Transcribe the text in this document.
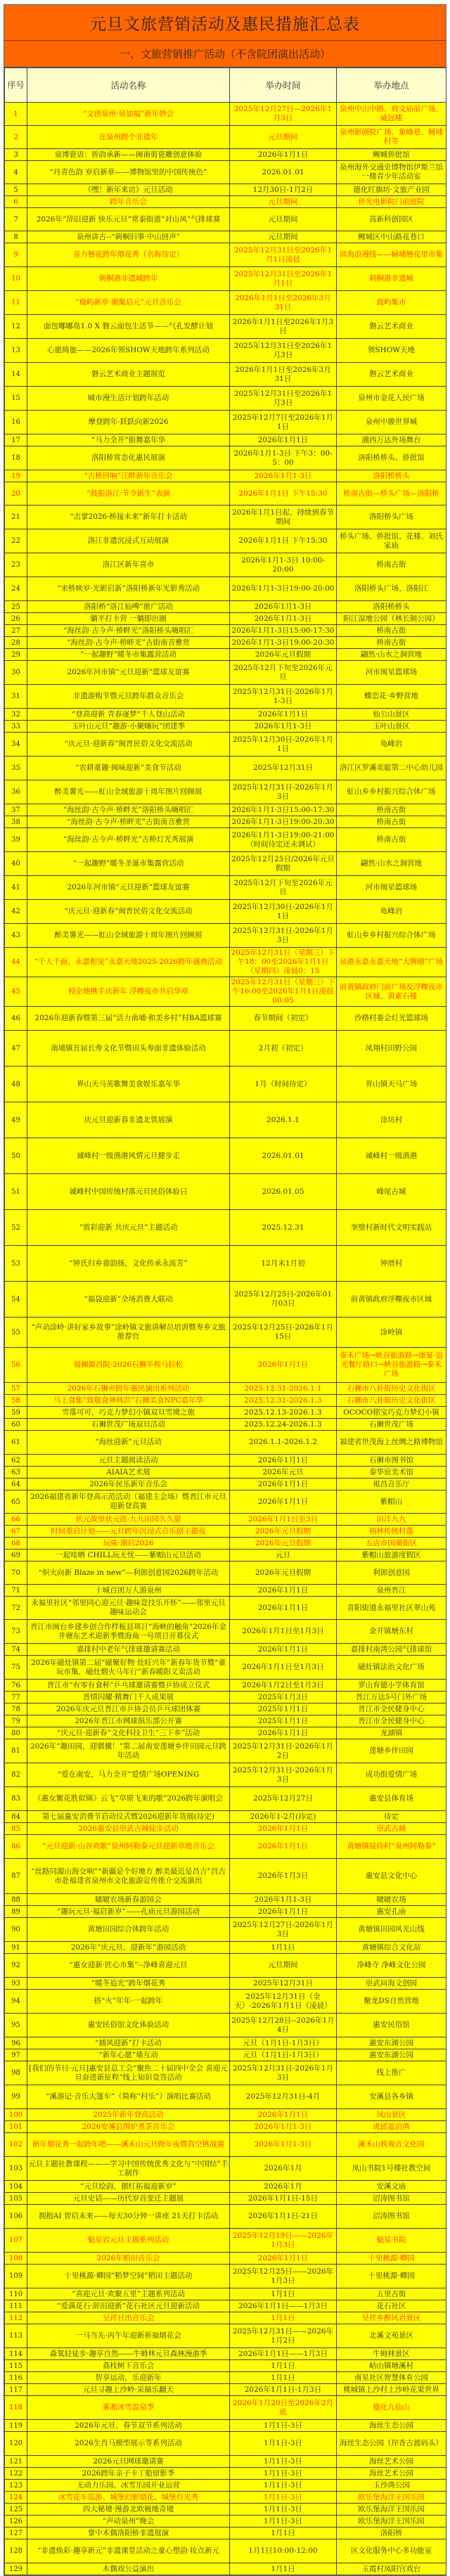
元旦文旅营销活动及惠民措施汇总表
一、文旅营销推广活动（不含院团演出活动）
序号	活动名称	举办时间	举办地点
1	“文创泉州·泉加福”新年妙会	2025年12月27日—2026年1月3日	泉州中山中路、府文庙前广场、威远楼
2	在泉州跨个非遗年	元旦期间	泉州影剧院广场、象峰巷、蟳埔村等
3	泉博瓷语：侨韵承新——闽南剪瓷雕创意体验	2026年1月1日	鲤城侨批馆
4	“丹青色韵 岁启新章——博物馆里的中国传统色”	2026.01.01	泉州海外交通史博物馆伊斯兰馆一楼青少年活动室
5	《嘿！新年来访》元旦活动	12月30日-1月2日	德化红旗坊·文旅产业园
6	跨年音乐会	元旦期间	侨光电影院门前庭院
7	2026年“辞旧迎新 快乐元旦”常泰街道“对山风”气排球赛	元旦期间	高新科创园区
8	泉州讲古--“刺桐旧事·中山回声”	元旦期间	鲤城区中山路花巷口
9	喜力簪花跨年烟花秀（名称待定）	2025年12月31日至2026年1月1日凌晨	滨海浪漫线——蟳埔簪花里市集
10	刺桐港非遗城跨年	2025年12月31日至2026年1月1日	刺桐港非遗城
11	“鹿屿新岁·潮集启元”元旦音乐会	2026年1月1日至2026年3月31日	鹿屿集市
12	面包嘟嘟岛1.0 X 磐云面包生活节——气孔发酵计划	2026年1月1日至2026年1月3日	磐云艺术商业
13	心愿绮旅——2026年领SHOW天地跨年系列活动	2025年12月31日至2026年1月3日	领SHOW天地
14	磐云艺术商业主题展览	2026年1月1日至2026年3月31日	磐云艺术商业
15	城市漫生活计划跨年活动	2025年12月31日至2026年1月3日	泉州市金花人民广场
16	摩登跨年·跃跃向新2026	2025年12月7日至2026年1月1日	泉州中骏世界城
17	“马力全开”街舞嘉年华	2026年1月1日	浦西万达外场舞台
18	洛阳桥常态化惠民展演	2026年1月1-3日 下午3：00-5：00	洛阳桥桥头、侨批馆
19	“古桥回响”江畔新年音乐会	2026年1月1-3日	洛阳桥桥头
20	“鼓振洛江·节令新生”表演	2026年1月1日 下午15:30	桥南古街—桥头广场—洛阳桥
21	“击掌2026·桥接未来”新年打卡活动	2026年1月1日起，持续到春节期间	洛阳桥头广场
22	洛江非遗沉浸式互动展演	2026年1月1日 下午15:30	桥头广场、侨批馆、花楼、刘氏家庙
23	洛江区新年喜市	2026年1月1-3日 10:00-20:00	桥南古街
24	“宋桥映岁·光影启新”洛阳桥新年光影秀活动	2026年1月1-3日19:00-20:00	洛阳桥头广场、洛阳江
25	洛阳桥“洛江仙啤”推广活动	2026年1月1-3日	洛阳桥桥头
26	躺平打卡营 一躺即出圈	2026年1月1-3日	阳江湿地公园（林长制公园）
27	“海丝韵·古今声·桥畔光”洛阳桥头嗨唱汇	2026年1月1-3日15:00-17:30	桥南古街
28	“海丝韵·古今声·桥畔光”古街南音雅赏	2026年1月1-3日19:00-20:30	桥南古街
29	“一起趣野”暖冬市集露营活动	2026年元旦假期	翩然·山水之涧营地
30	2026年河市镇“元旦迎新”篮球友谊赛	2025年12月下旬至2026年元旦	河市闽星篮球场
31	非遗游购节暨元旦跨年群众音乐会	2025年12月31日-2026年1月1-3日	蝶恋花·乡野营地
32	“登高迎新 青春逐梦”千人登山活动	2026年1月1日	仙公山景区
33	玉叶山元旦“趣游·小聚嗨玩”团建季	2026年1月1-3日	玉叶山景区
34	“庆元旦·迎新春”闽晋民俗文化交流活动	2025年12月30日-2026年1月1日	龟峰岩
35	“农耕童趣·闽味迎新”美食节活动	2025年12月31日	洛江区罗溪奕聪第二中心幼儿园
36	醉美薯光——虹山全域旅游十周年图片回顾展	2025年12月31日-2026年1月3日	虹山乡乡村振兴综合体广场
37	“海丝韵·古今声·桥畔光”洛阳桥头嗨唱汇	2026年1月1-3日15:00-17:30	桥南古街
38	“海丝韵·古今声·桥畔光”古街南音雅赏	2026年1月1-3日19:00-20:30	桥南古街
39	“海丝韵·古今声·桥畔光”古桥灯光秀展演	2026年1月1-3日19:00-21:00（时间待定还未调试）	桥南古街
40	“一起趣野”暖冬圣诞市集露营活动	2025年12月25日/2026年元旦假期	翩然·山水之涧营地
41	2026年河市镇“元旦迎新”篮球友谊赛	2025年12月下旬至2026年元旦	河市闽星篮球场
42	“庆元旦·迎新春”闽晋民俗文化交流活动	2025年12月30日-2026年1月1日	龟峰岩
43	醉美薯光——虹山全域旅游十周年图片回顾展	2025年12月31日-2026年1月3日	虹山乡乡村振兴综合体广场
44	“千人千面，永嘉相见”永嘉天地2025-2026跨年盛典活动	2025年12月31日（星期三）下午18：00至2026年1月1日（星期四）凌晨0：15	泉港永嘉永嘉天地“大牌圈”广场
45	校企地携手庆新年 浮粿夜市共启华章	2025年12月31日（星期三）下午16:00至2026年1月1日凌晨00:05	前黄镇政府门前广场及浮粿夜市区域、黄素石楼
46	2026年迎新春暨第三届“活力南埔·和美乡村”村BA篮球赛	春节期间（初定）	沙格村委会灯光篮球场
47	南埔镇首届长寿文化节暨田头寿面非遗体验活动	2月初（初定）	凤翔村田野公园
48	界山天马英歌舞美食娱乐嘉年华	1月（时间待定）	界山镇天马广场
49	庆元旦迎新春非遗北管展演	2026.1.1	涂坑村
50	诚峰村一级渔港风情元旦健步走	2026.01.01	诚峰村一级渔港
51	诚峰村中国传统村落元旦民俗体验日	2026.01.05	峰尾古城
52	“剪彩迎新 共庆元旦”主题活动	2025.12.31	奎璧村新时代文明实践站
53	“钟氏归乡畲韵扬，文化传承永流芳”	12月末1月初	钟厝村
54	“福袋迎新”全场消费大联动	2025年12月25日-2026年01月03日	前黄镇政府浮粿夜市区域
55	“声动涂岭·讲好家乡故事”涂岭镇文旅讲解员培训暨寿乡文旅推荐官	2025年12月25日-2026年1月15日	涂岭镇
56	福狮源昌院·2026石狮半程马拉松	2026年1月1日	泰禾广场→峡谷旅游路→康宴·追光餐厅路口→峡谷旅游路→泰禾广场
57	2026年石狮市跨年惠民演出系列活动	2025.12.31-2026.1.1	石狮市八卦街历史文化街区
58	马上食集“致敬食神林洪”石狮美食NPC嘉年华	2025.12.31-2026.1.3	石狮市八卦街历史文化街区
59	雪落可可，巧克力梦幻小镇双旦雪境之旅	2025.12.13-2026.1.3	OCOCO铭宝巧克力梦幻小镇
60	石狮世茂广场双旦活动	2025.12.24-2026.1.3	石狮世茂广场
61	“海丝迎新”元旦活动	2026.1.1-2026.1.2	福建省世茂海上丝绸之路博物馆
62	元旦主题阅读活动	2026年1月1日	石狮市图书馆
63	AIAIA艺术展	2026年元旦	泰华宸美术馆
64	2026年民乐新年音乐会	2026年1月1日	祖昌音乐厅
65	2026福建省新年登高示范活动（福建主会场）暨晋江市元旦迎新登高赛	2026年1月1日	紫帽山
66	状元故里状元郎·九九田园久久甜	2026年1月1日至3日	田洋九九
67	时间重启计划——元旦跨年沉浸式音乐剧主题夜	2026年元旦假期	梧林传统村落
68	玩味·潮启2026	2026年元旦假期	五店市国潮街区
69	一起哇晒 CHILL玩无忧——紫帽山元旦活动	元旦	紫帽山旅游度假区
70	“炽火向新 Blaze in new”—利郎创意园2026跨年活动	2026年元旦假期	利郎创意园
71	十城百团万人游泉州	2026年1月1日	泉州晋江
72	永福里社区“邻里同心迎元旦·趣味竞技乐开怀”——邻里元旦趣味运动会	2026年1月1日	青阳街道永福里社区翠山苑
73	晋江市闽台乡建乡创合作样板县项目“海峡的触角”2026年金井塘东艺术迎新季暨海角一号项目开幕仪式	2026年1月1日至1月3日	金井镇塘东村
74	嘉排村中老年气排球邀请赛活动	2026年1月1日	嘉排村南湾公园气排球馆
75	2026年磁灶镇第二届“磁聚好物 灶旺兴年”新春年货节暨“童玩市集，磁灶烟火马年行”新春暖阳义卖活动	2026年1月1日至1月3日	磁灶镇法治文化广场
76	晋江市“有零有食杯”乒乓球邀请赛暨乒协成立仪式	2026年1月2日至1月3日	罗山育德小学体育馆
77	晋情闪耀·精舞门千人成果展	2025年1月3日	晋江万达5号门外广场
78	2026年庆元旦晋江市乒协会员乒乓球团体赛	2025年1月1日	晋江市全民健身中心
79	2026年晋江市网球俱乐部公开赛	2025年1月1日	晋江市全民健身中心
80	“庆元旦·迎新春”文化科技卫生“三下乡”活动	2026年1月1日	龙湖镇
81	2026年“趣田园，迎骐骥！”第二届南安莲塘乡伴田园元旦跨年活动	2025年12月31日-2026年1月2日	莲塘乡伴田园
82	“爱在南安，马力全开”爱情广场OPENING	2025年12月31日-2026年1月3日	成功街爱情广场
83	《惠女繁花胜似锦》云飞“草原飞来的歌”2026跨年演唱会	2025年12月27日	惠安县体育场
84	第七届惠安消费节启动仪式暨2026迎新年货展(待定)	2026年1-2月(待定)	待定
85	2026惠安县崇武古城徒步活动	2026年1月1日	崇武古城
86	“元旦迎新·山谷欢歌”泉州阿勒泰元旦迎新草地音乐会	2026年1月1日	黄塘镇接待村“泉州阿勒泰”
87	“丝路同源山海交响”“新疆是个好地方 醉美最近是昌吉”昌吉市赴福建省泉州市文化旅游宣传推介交流演出	2026年1月3日	惠安县文化中心
88	啵啵农场新春游园会	2026年1月1-3日	啵啵农场
89	“趣玩元旦·福启新岁”——孔庙元旦游园活动	2026年1月1日	惠安孔庙
90	黄塘田园综合体跨年活动	2025年12月27日-2026年1月3日	黄塘镇田园风光山线
91	2026年“庆元旦、迎新年”游园活动	1月1日	黄塘镇综合文化站
92	“惠女迎新·匠心市集”--净峰喜迎元旦	元旦期间	净峰寺 净峰文化公园
93	“暖冬追光”跨年烟花秀	2025年12月31日	崇武问海文创园
94	搭“火”年年·一起跨年	2025年12月31日（全天）-2026年1月1日（凌晨）	聚龙DS自然营地
95	惠安民俗馆文化体验活动	2025年12月28日--2026年1月4日	惠安民俗馆
96	“捕风迎新”打卡活动	元旦（1月1日-1月3日）	惠安东湖公园
97	“新年心愿”墙互动	元旦（1月1日-1月3日）	惠安东湖公园
98	[我们的节日·元旦]惠安县总工会“聚焦二十届四中全会 喜迎元旦奋进新征程”线上知识竞答活动	2025年12月31日-2026年1月3日	线上推广
99	“溪游记·音乐大篷车”（简称“村乐”）演唱比赛活动	2025年12月31日-4月	安溪县各乡镇
100	2025年新年登高活动	2026年1月1日	凤山景区
101	2026安溪县围炉煮茶音乐会	2026年1月1-3日	虎邱蓝泊湾
102	新年烟花秀一起跨年吧——溪禾山元旦跨年夜暨高空挑战赛	2026年1月1-3日	溪禾山铁观音文化园
103	元旦主题社教课程———学习中国传统优秀文化与“中国结”手工制作	2026年1月	凤山书院1号楼社教空间
104	“元旦绘韵，描红拓福迎新岁”	2026年1月	安溪文庙
105	元旦史话——历代岁首变迁主题展	2026年1月1日-15日	沼涛图书馆
106	拥抱AI 智启未来——每天30分钟一讲座 21天打卡活动	2026年1月1日-21日	沼涛图书馆
107	魁星岩元旦主题系列活动	2025年12月19日——2026年1月3日	魁星书院
108	2026年稻田音乐会	2026年1月1日	十里桃源·卿园
109	十里桃源·卿园“稻梦空间”稻田主题活动	2025年12月25日——2026年1月3日	十里桃源·卿园
110	“喜迎元旦·欢聚五里”主题系列活动	1月1日	五里古街
111	“爱满花石·辞旧迎新”花石社区元旦迎新活动	2026年1月1日——1月3日	花石社区
112	呈祥日出音乐会	1月1日	呈祥乡醉风岩景区
113	一马当先-丙午年迎新祈福烟花会	2025年12月31日——2026年1月2日	北溪文苑景区
114	森氧轻徒步·趣享自然——牛姆林元旦森林漫游季	2026年1月1日——1月3日	牛姆林景区
115	荔枝树下音乐会	1月1日	岵山镇塘溪村
116	智享运动，乐迎新年	1月1日	南星社区智慧体育公园
117	元旦寻趣上沙岭·采摘乐翻天	2026年1月1日-1月3日	桃城镇上沙村上沙岭花果世界
118	雾凇冰雪温泉季	2026年1月20日至2026年2月底	德化九仙山
119	2026年元旦、春节双节系列活动	1月1日-3日	海丝生态公园
120	2026生肖马模型展示等系列活动	1月1日-3日	海丝生态公园（岸香古渡码头）
121	2026元旦网球邀请赛	1月1日-3日	海丝艺术公园
122	2026跨年亲子卡丁船留影季	1月1日-3日	海丝艺术公园
123	无动力乐园、冰雪乐园开业运营	1月1日-3日	玉沙湾公园
124	冰雪花车巡游、城堡幻影烟花、城堡灯光秀	1月1日-3日	欧乐堡海洋王国乐园
125	四大秘境·漫游北欧极地奇境	1月1日-3日	欧乐堡海洋王国乐园
126	“声动泉州”晚会	1月1日-3日	欧乐堡海洋王国乐园
127	掌中木偶洛阳桥非遗展演	1月1日	洛阳桥
128	“非遗焕彩·趣享新元”非遗课堂活动之童心塑韵·妆点新元	1月1日10:00-12:00	区文化服务中心多功能室
129	木偶戏公益演出	1月1日	玉霞村凤阳宫戏台
